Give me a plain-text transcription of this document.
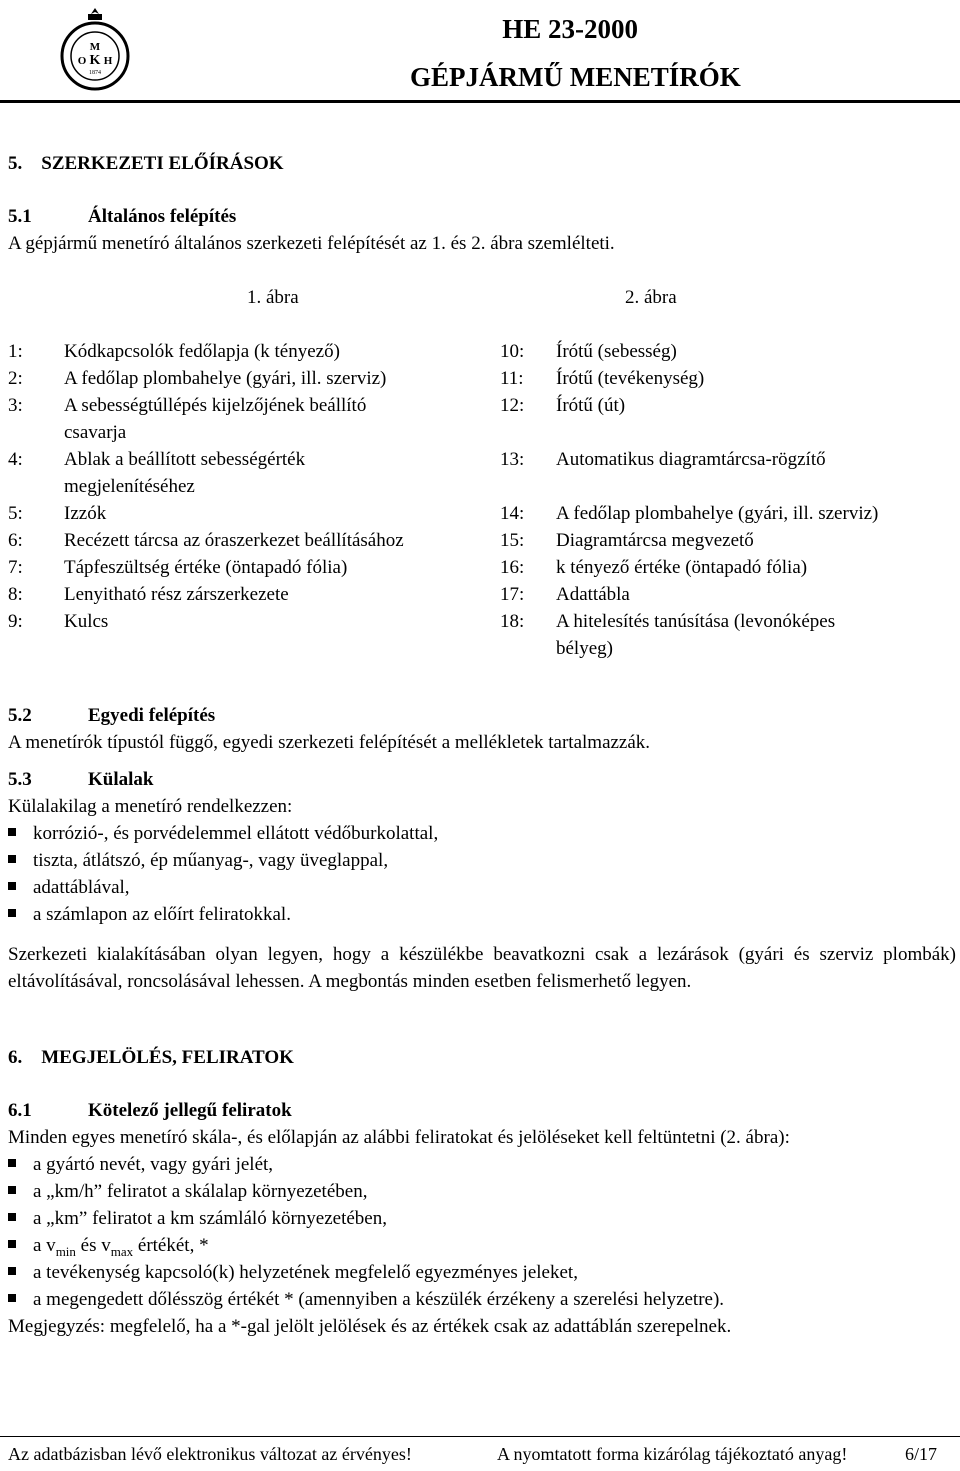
M
O K H
1874
HE 23-2000
GÉPJÁRMŰ MENETÍRÓK
5.    SZERKEZETI ELŐÍRÁSOK
5.1	Általános felépítés
A gépjármű menetíró általános szerkezeti felépítését az 1. és 2. ábra szemlélteti.
1. ábra	2. ábra
1: Kódkapcsolók fedőlapja (k tényező)
2: A fedőlap plombahelye (gyári, ill. szerviz)
3: A sebességtúllépés kijelzőjének beállító
csavarja
4: Ablak a beállított sebességérték
megjelenítéséhez
5: Izzók
6: Recézett tárcsa az óraszerkezet beállításához
7: Tápfeszültség értéke (öntapadó fólia)
8: Lenyitható rész zárszerkezete
9: Kulcs
10: Írótű (sebesség)
11: Írótű (tevékenység)
12: Írótű (út)
13: Automatikus diagramtárcsa-rögzítő
14: A fedőlap plombahelye (gyári, ill. szerviz)
15: Diagramtárcsa megvezető
16: k tényező értéke (öntapadó fólia)
17: Adattábla
18: A hitelesítés tanúsítása (levonóképes
bélyeg)
5.2	Egyedi felépítés
A menetírók típustól függő, egyedi szerkezeti felépítését a mellékletek tartalmazzák.
5.3	Külalak
Külalakilag a menetíró rendelkezzen:
korrózió-, és porvédelemmel ellátott védőburkolattal,
tiszta, átlátszó, ép műanyag-, vagy üveglappal,
adattáblával,
a számlapon az előírt feliratokkal.
Szerkezeti kialakításában olyan legyen, hogy a készülékbe beavatkozni csak a lezárások (gyári és szerviz plombák) eltávolításával, roncsolásával lehessen. A megbontás minden esetben felismerhető legyen.
6.    MEGJELÖLÉS, FELIRATOK
6.1	Kötelező jellegű feliratok
Minden egyes menetíró skála-, és előlapján az alábbi feliratokat és jelöléseket kell feltüntetni (2. ábra):
a gyártó nevét, vagy gyári jelét,
a „km/h” feliratot a skálalap környezetében,
a „km” feliratot a km számláló környezetében,
a $v_{min}$ és $v_{max}$ értékét, *
a tevékenység kapcsoló(k) helyzetének megfelelő egyezményes jeleket,
a megengedett dőlésszög értékét * (amennyiben a készülék érzékeny a szerelési helyzetre).
Megjegyzés: megfelelő, ha a *-gal jelölt jelölések és az értékek csak az adattáblán szerepelnek.
Az adatbázisban lévő elektronikus változat az érvényes!	A nyomtatott forma kizárólag tájékoztató anyag!	6/17
